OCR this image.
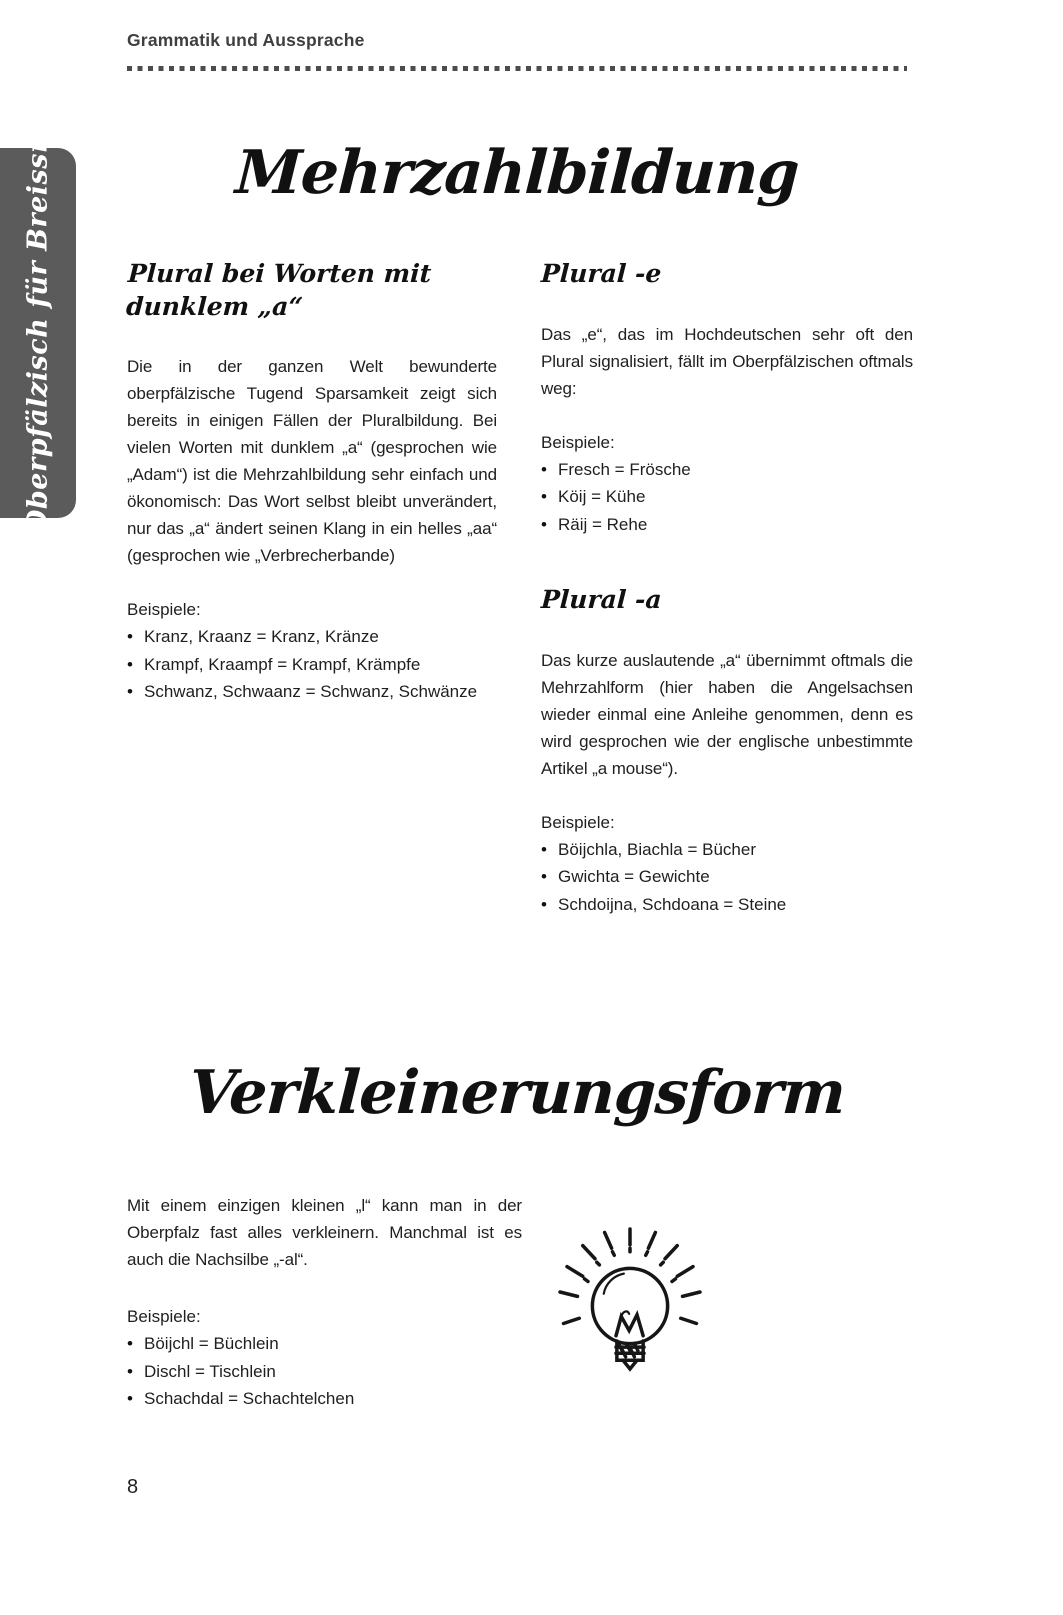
Grammatik und Aussprache
Oberpfälzisch für Breissn	Mehrzahlbildung
Plural bei Worten mit dunklem „a“

Die in der ganzen Welt bewunderte oberpfälzische Tugend Sparsamkeit zeigt sich bereits in einigen Fällen der Pluralbildung. Bei vielen Worten mit dunklem „a“ (gesprochen wie „Adam“) ist die Mehrzahlbildung sehr einfach und ökonomisch: Das Wort selbst bleibt unverändert, nur das „a“ ändert seinen Klang in ein helles „aa“ (gesprochen wie „Verbrecherbande)

Beispiele:

• Kranz, Kraanz = Kranz, Kränze
• Krampf, Kraampf = Krampf, Krämpfe
• Schwanz, Schwaanz = Schwanz, Schwänze
Plural -e

Das „e“, das im Hochdeutschen sehr oft den Plural signalisiert, fällt im Oberpfälzischen oftmals weg:

Beispiele:

• Fresch = Frösche
• Köij = Kühe
• Räij = Rehe
Plural -a

Das kurze auslautende „a“ übernimmt oftmals die Mehrzahlform (hier haben die Angelsachsen wieder einmal eine Anleihe genommen, denn es wird gesprochen wie der englische unbestimmte Artikel „a mouse“).

Beispiele:

• Böijchla, Biachla = Bücher
• Gwichta = Gewichte
• Schdoijna, Schdoana = Steine
Verkleinerungsform

Mit einem einzigen kleinen „l“ kann man in der Oberpfalz fast alles verkleinern. Manchmal ist es auch die Nachsilbe „-al“.

Beispiele:

• Böijchl = Büchlein
• Dischl = Tischlein
• Schachdal = Schachtelchen
8
